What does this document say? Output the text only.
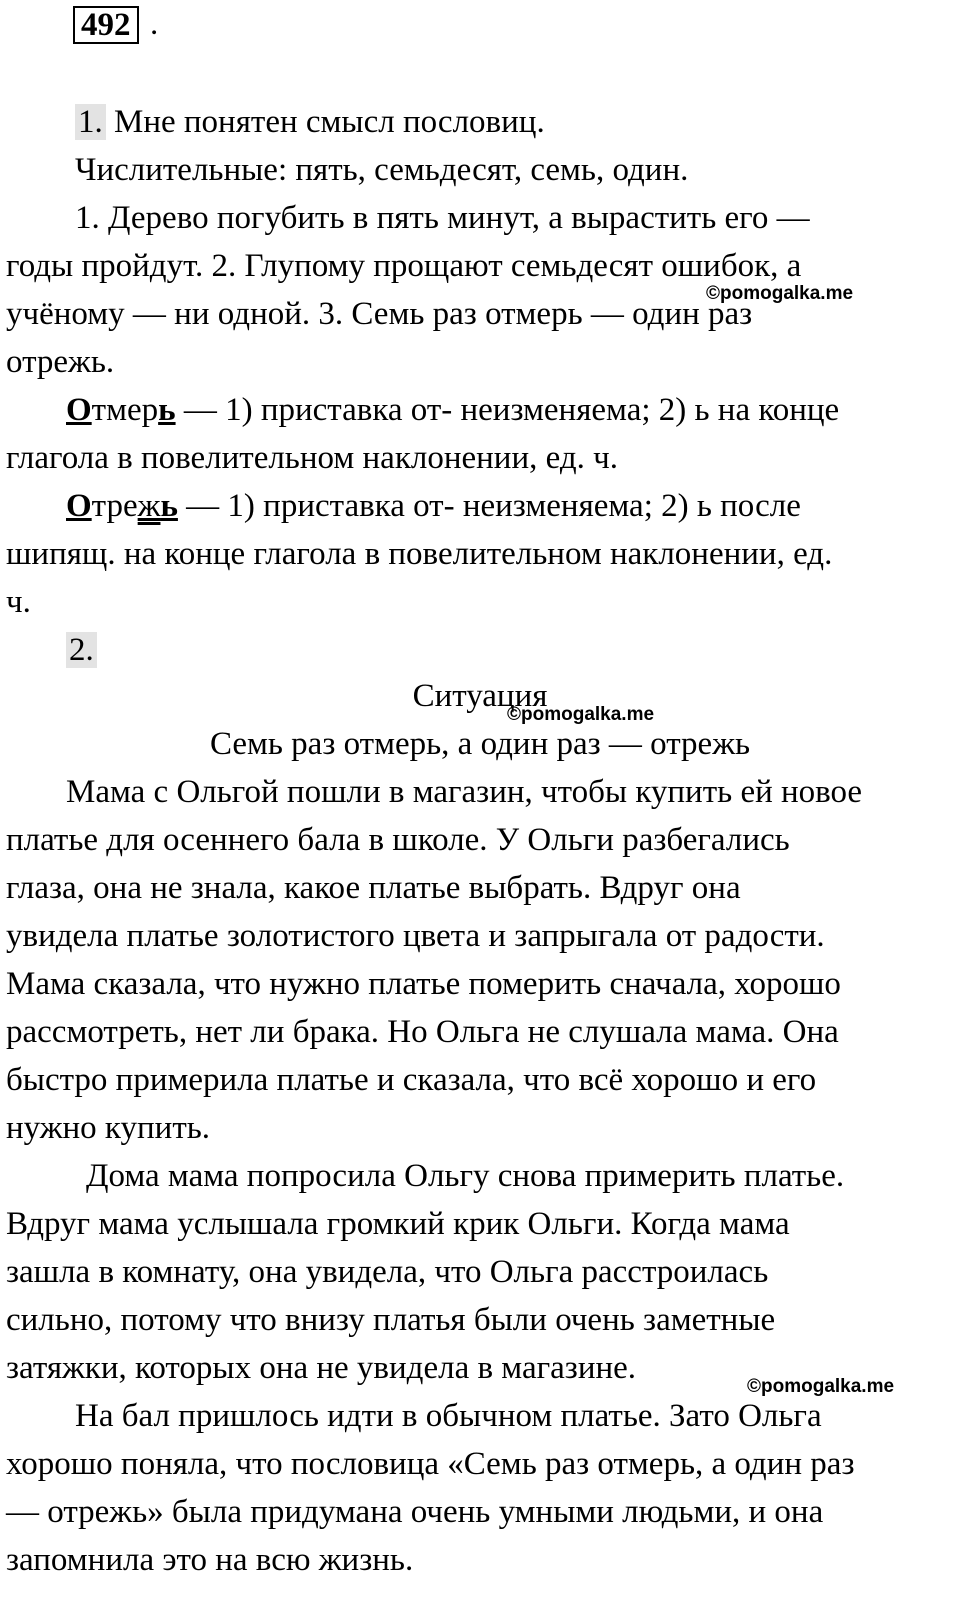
492 .
1. Мне понятен смысл пословиц.
Числительные: пять, семьдесят, семь, один.
1. Дерево погубить в пять минут, а вырастить его —
годы пройдут. 2. Глупому прощают семьдесят ошибок, а
учёному — ни одной. 3. Семь раз отмерь — один раз
отрежь.
Отмерь — 1) приставка от- неизменяема; 2) ь на конце
глагола в повелительном наклонении, ед. ч.
Отрежь — 1) приставка от- неизменяема; 2) ь после
шипящ. на конце глагола в повелительном наклонении, ед.
ч.
2.
Ситуация
Семь раз отмерь, а один раз — отрежь
Мама с Ольгой пошли в магазин, чтобы купить ей новое
платье для осеннего бала в школе. У Ольги разбегались
глаза, она не знала, какое платье выбрать. Вдруг она
увидела платье золотистого цвета и запрыгала от радости.
Мама сказала, что нужно платье померить сначала, хорошо
рассмотреть, нет ли брака. Но Ольга не слушала мама. Она
быстро примерила платье и сказала, что всё хорошо и его
нужно купить.
Дома мама попросила Ольгу снова примерить платье.
Вдруг мама услышала громкий крик Ольги. Когда мама
зашла в комнату, она увидела, что Ольга расстроилась
сильно, потому что внизу платья были очень заметные
затяжки, которых она не увидела в магазине.
На бал пришлось идти в обычном платье. Зато Ольга
хорошо поняла, что пословица «Семь раз отмерь, а один раз
— отрежь» была придумана очень умными людьми, и она
запомнила это на всю жизнь.
©pomogalka.me
©pomogalka.me
©pomogalka.me
